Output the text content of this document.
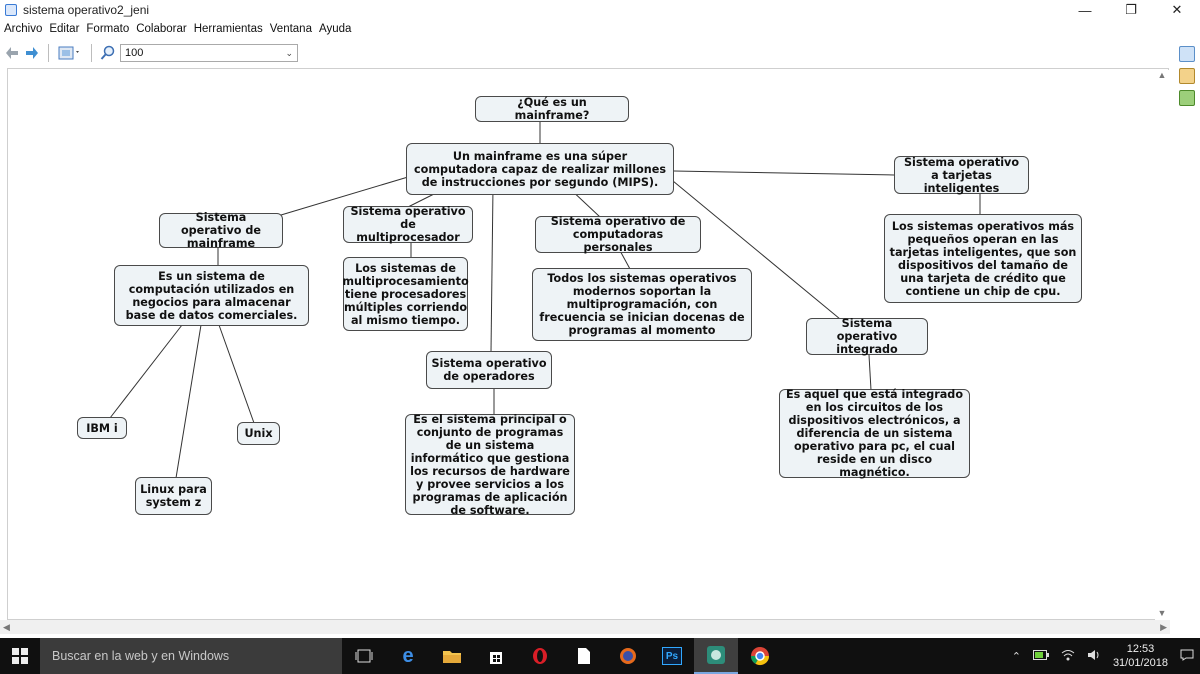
sistema operativo2_jeni	—	❐	✕
Archivo Editar Formato Colaborar Herramientas Ventana Ayuda
100	⌄
¿Qué es un mainframe?
Un mainframe es una súper computadora capaz de realizar millones de instrucciones por segundo (MIPS).
Sistema operativo de mainframe
Es un sistema de computación utilizados en negocios para almacenar base de datos comerciales.
IBM i
Linux para system z
Unix
Sistema operativo de multiprocesador
Los sistemas de multiprocesamiento tiene procesadores múltiples corriendo al mismo tiempo.
Sistema operativo de operadores
Es el sistema principal o conjunto de programas de un sistema informático que gestiona los recursos de hardware y provee servicios a los programas de aplicación de software.
Sistema operativo de computadoras personales
Todos los sistemas operativos modernos soportan la multiprogramación, con frecuencia se inician docenas de programas al momento
Sistema operativo integrado
Es aquel que está integrado en los circuitos de los dispositivos electrónicos, a diferencia de un sistema operativo para pc, el cual reside en un disco magnético.
Sistema operativo a tarjetas inteligentes
Los sistemas operativos más pequeños operan en las tarjetas inteligentes, que son dispositivos del tamaño de una tarjeta de crédito que contiene un chip de cpu.
▲
▼
◀	▶
Buscar en la web y en Windows	e	Ps	⌃
12:53
31/01/2018
